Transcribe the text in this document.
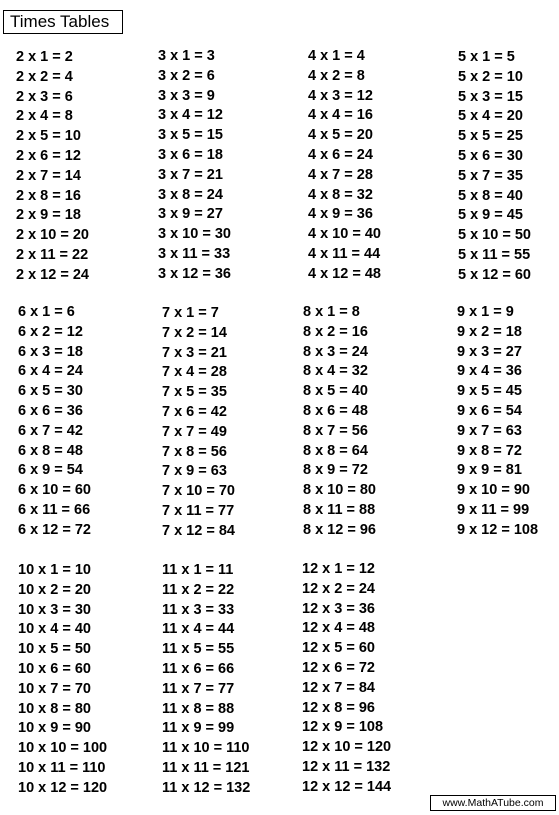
Times Tables
2 x 1 = 2
2 x 2 = 4
2 x 3 = 6
2 x 4 = 8
2 x 5 = 10
2 x 6 = 12
2 x 7 = 14
2 x 8 = 16
2 x 9 = 18
2 x 10 = 20
2 x 11 = 22
2 x 12 = 24
3 x 1 = 3
3 x 2 = 6
3 x 3 = 9
3 x 4 = 12
3 x 5 = 15
3 x 6 = 18
3 x 7 = 21
3 x 8 = 24
3 x 9 = 27
3 x 10 = 30
3 x 11 = 33
3 x 12 = 36
4 x 1 = 4
4 x 2 = 8
4 x 3 = 12
4 x 4 = 16
4 x 5 = 20
4 x 6 = 24
4 x 7 = 28
4 x 8 = 32
4 x 9 = 36
4 x 10 = 40
4 x 11 = 44
4 x 12 = 48
5 x 1 = 5
5 x 2 = 10
5 x 3 = 15
5 x 4 = 20
5 x 5 = 25
5 x 6 = 30
5 x 7 = 35
5 x 8 = 40
5 x 9 = 45
5 x 10 = 50
5 x 11 = 55
5 x 12 = 60
6 x 1 = 6
6 x 2 = 12
6 x 3 = 18
6 x 4 = 24
6 x 5 = 30
6 x 6 = 36
6 x 7 = 42
6 x 8 = 48
6 x 9 = 54
6 x 10 = 60
6 x 11 = 66
6 x 12 = 72
7 x 1 = 7
7 x 2 = 14
7 x 3 = 21
7 x 4 = 28
7 x 5 = 35
7 x 6 = 42
7 x 7 = 49
7 x 8 = 56
7 x 9 = 63
7 x 10 = 70
7 x 11 = 77
7 x 12 = 84
8 x 1 = 8
8 x 2 = 16
8 x 3 = 24
8 x 4 = 32
8 x 5 = 40
8 x 6 = 48
8 x 7 = 56
8 x 8 = 64
8 x 9 = 72
8 x 10 = 80
8 x 11 = 88
8 x 12 = 96
9 x 1 = 9
9 x 2 = 18
9 x 3 = 27
9 x 4 = 36
9 x 5 = 45
9 x 6 = 54
9 x 7 = 63
9 x 8 = 72
9 x 9 = 81
9 x 10 = 90
9 x 11 = 99
9 x 12 = 108
10 x 1 = 10
10 x 2 = 20
10 x 3 = 30
10 x 4 = 40
10 x 5 = 50
10 x 6 = 60
10 x 7 = 70
10 x 8 = 80
10 x 9 = 90
10 x 10 = 100
10 x 11 = 110
10 x 12 = 120
11 x 1 = 11
11 x 2 = 22
11 x 3 = 33
11 x 4 = 44
11 x 5 = 55
11 x 6 = 66
11 x 7 = 77
11 x 8 = 88
11 x 9 = 99
11 x 10 = 110
11 x 11 = 121
11 x 12 = 132
12 x 1 = 12
12 x 2 = 24
12 x 3 = 36
12 x 4 = 48
12 x 5 = 60
12 x 6 = 72
12 x 7 = 84
12 x 8 = 96
12 x 9 = 108
12 x 10 = 120
12 x 11 = 132
12 x 12 = 144
www.MathATube.com
